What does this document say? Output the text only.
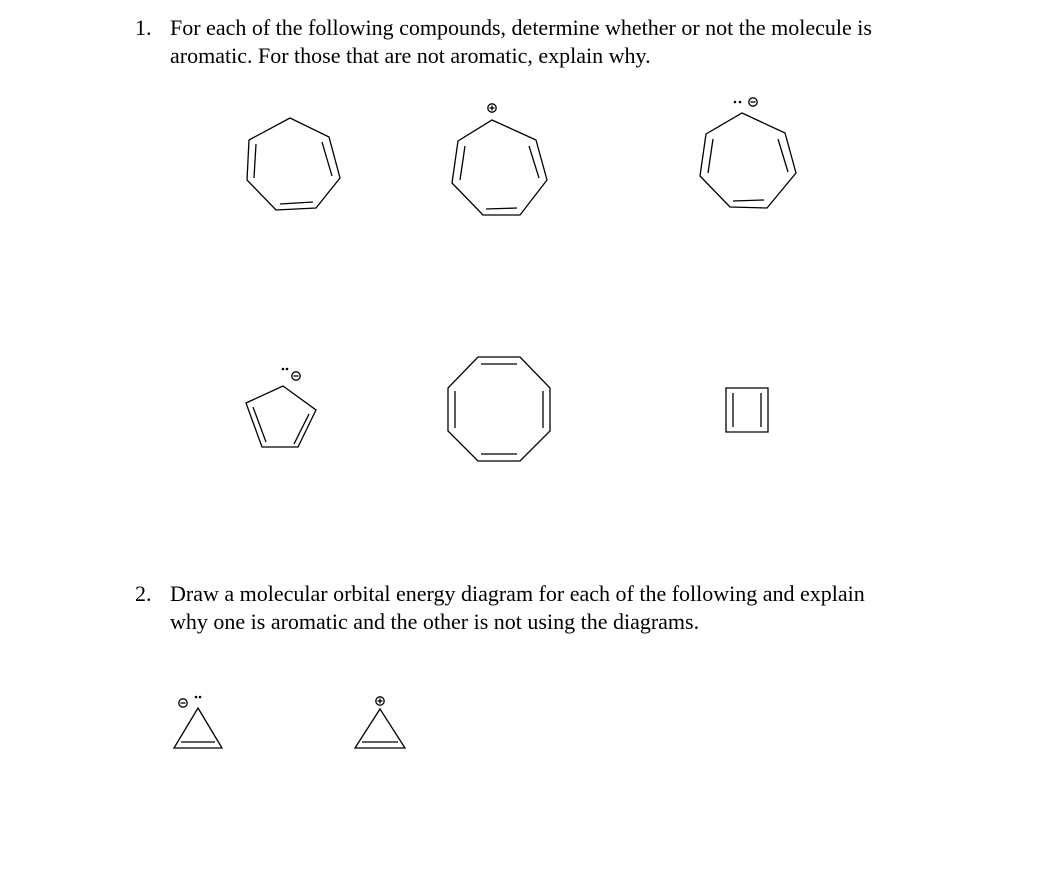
1. For each of the following compounds, determine whether or not the molecule is
aromatic. For those that are not aromatic, explain why.
2. Draw a molecular orbital energy diagram for each of the following and explain
why one is aromatic and the other is not using the diagrams.
